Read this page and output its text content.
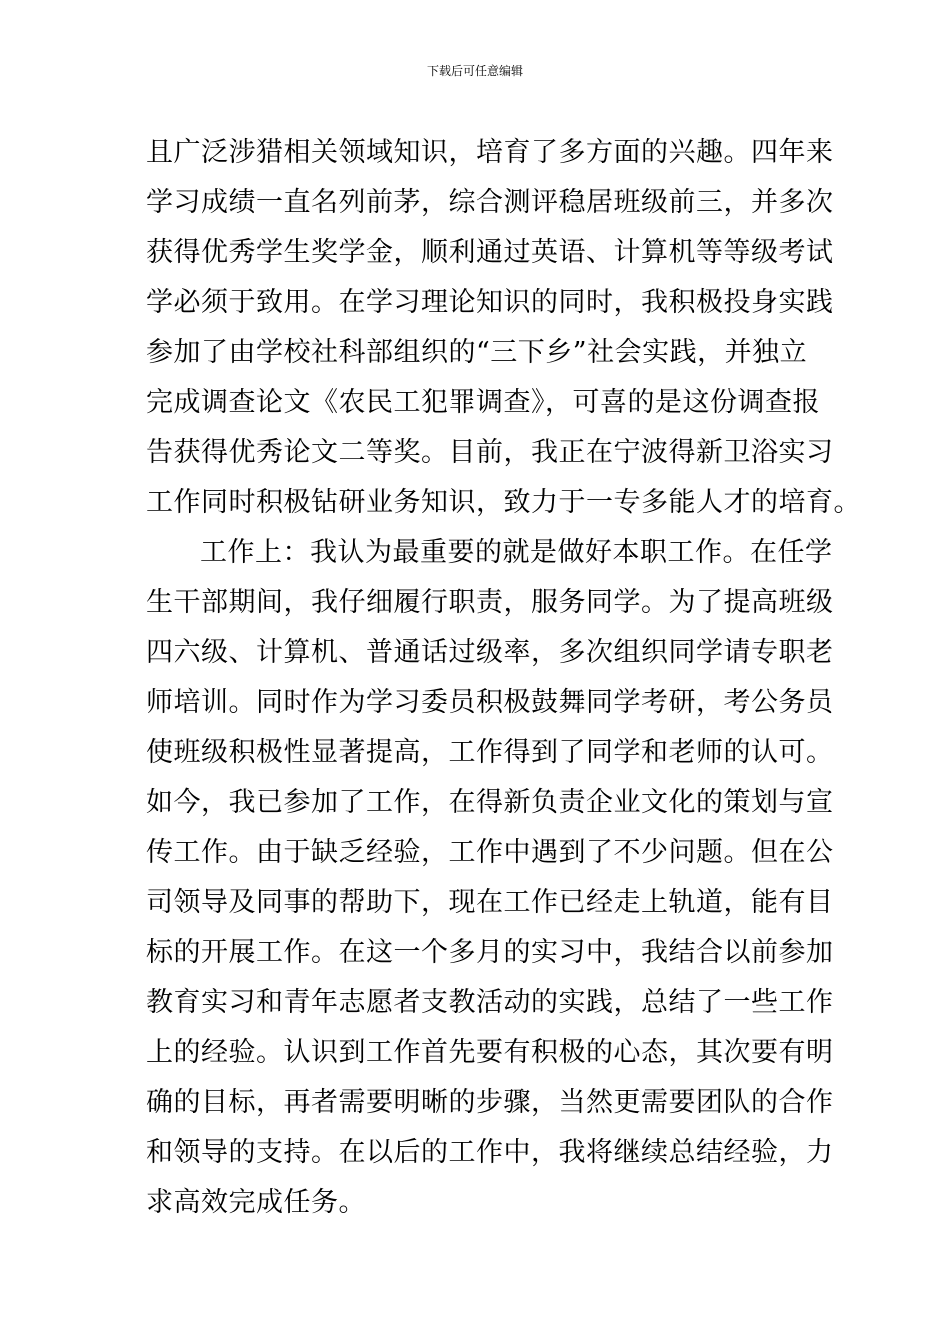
下载后可任意编辑
且广泛涉猎相关领域知识，培育了多方面的兴趣。四年来
学习成绩一直名列前茅，综合测评稳居班级前三，并多次
获得优秀学生奖学金，顺利通过英语、计算机等等级考试
学必须于致用。在学习理论知识的同时，我积极投身实践
参加了由学校社科部组织的“三下乡”社会实践，并独立
完成调查论文《农民工犯罪调查》，可喜的是这份调查报
告获得优秀论文二等奖。目前，我正在宁波得新卫浴实习
工作同时积极钻研业务知识，致力于一专多能人才的培育。
工作上：我认为最重要的就是做好本职工作。在任学
生干部期间，我仔细履行职责，服务同学。为了提高班级
四六级、计算机、普通话过级率，多次组织同学请专职老
师培训。同时作为学习委员积极鼓舞同学考研，考公务员
使班级积极性显著提高，工作得到了同学和老师的认可。
如今，我已参加了工作，在得新负责企业文化的策划与宣
传工作。由于缺乏经验，工作中遇到了不少问题。但在公
司领导及同事的帮助下，现在工作已经走上轨道，能有目
标的开展工作。在这一个多月的实习中，我结合以前参加
教育实习和青年志愿者支教活动的实践，总结了一些工作
上的经验。认识到工作首先要有积极的心态，其次要有明
确的目标，再者需要明晰的步骤，当然更需要团队的合作
和领导的支持。在以后的工作中，我将继续总结经验，力
求高效完成任务。
